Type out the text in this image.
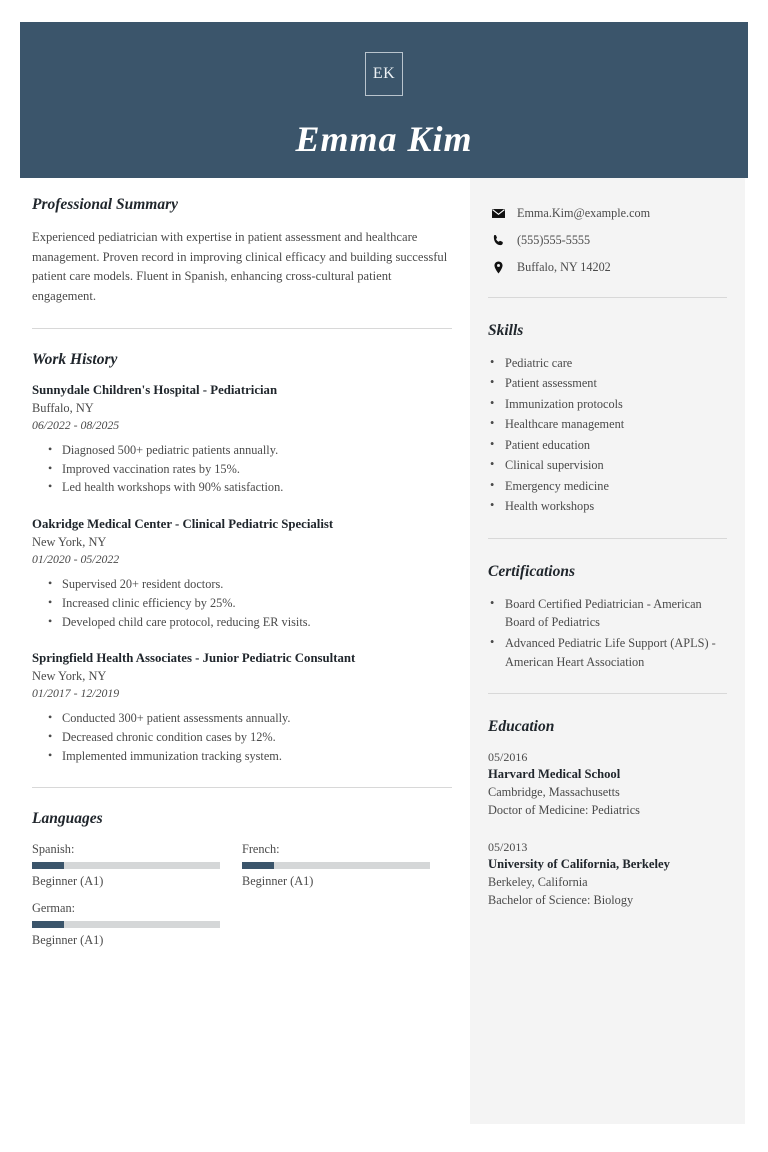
EK
Emma Kim
Emma.Kim@example.com
(555)555-5555
Buffalo, NY 14202
Skills
• Pediatric care
• Patient assessment
• Immunization protocols
• Healthcare management
• Patient education
• Clinical supervision
• Emergency medicine
• Health workshops
Certifications
• Board Certified Pediatrician - American Board of Pediatrics
• Advanced Pediatric Life Support (APLS) - American Heart Association
Education
05/2016
Harvard Medical School
Cambridge, Massachusetts
Doctor of Medicine: Pediatrics
05/2013
University of California, Berkeley
Berkeley, California
Bachelor of Science: Biology
Professional Summary

Experienced pediatrician with expertise in patient assessment and healthcare management. Proven record in improving clinical efficacy and building successful patient care models. Fluent in Spanish, enhancing cross-cultural patient engagement.

Work History
Sunnydale Children's Hospital - Pediatrician
Buffalo, NY
06/2022 - 08/2025
• Diagnosed 500+ pediatric patients annually.
• Improved vaccination rates by 15%.
• Led health workshops with 90% satisfaction.
Oakridge Medical Center - Clinical Pediatric Specialist
New York, NY
01/2020 - 05/2022
• Supervised 20+ resident doctors.
• Increased clinic efficiency by 25%.
• Developed child care protocol, reducing ER visits.
Springfield Health Associates - Junior Pediatric Consultant
New York, NY
01/2017 - 12/2019
• Conducted 300+ patient assessments annually.
• Decreased chronic condition cases by 12%.
• Implemented immunization tracking system.
Languages
Spanish:
Beginner (A1)
French:
Beginner (A1)
German:
Beginner (A1)
